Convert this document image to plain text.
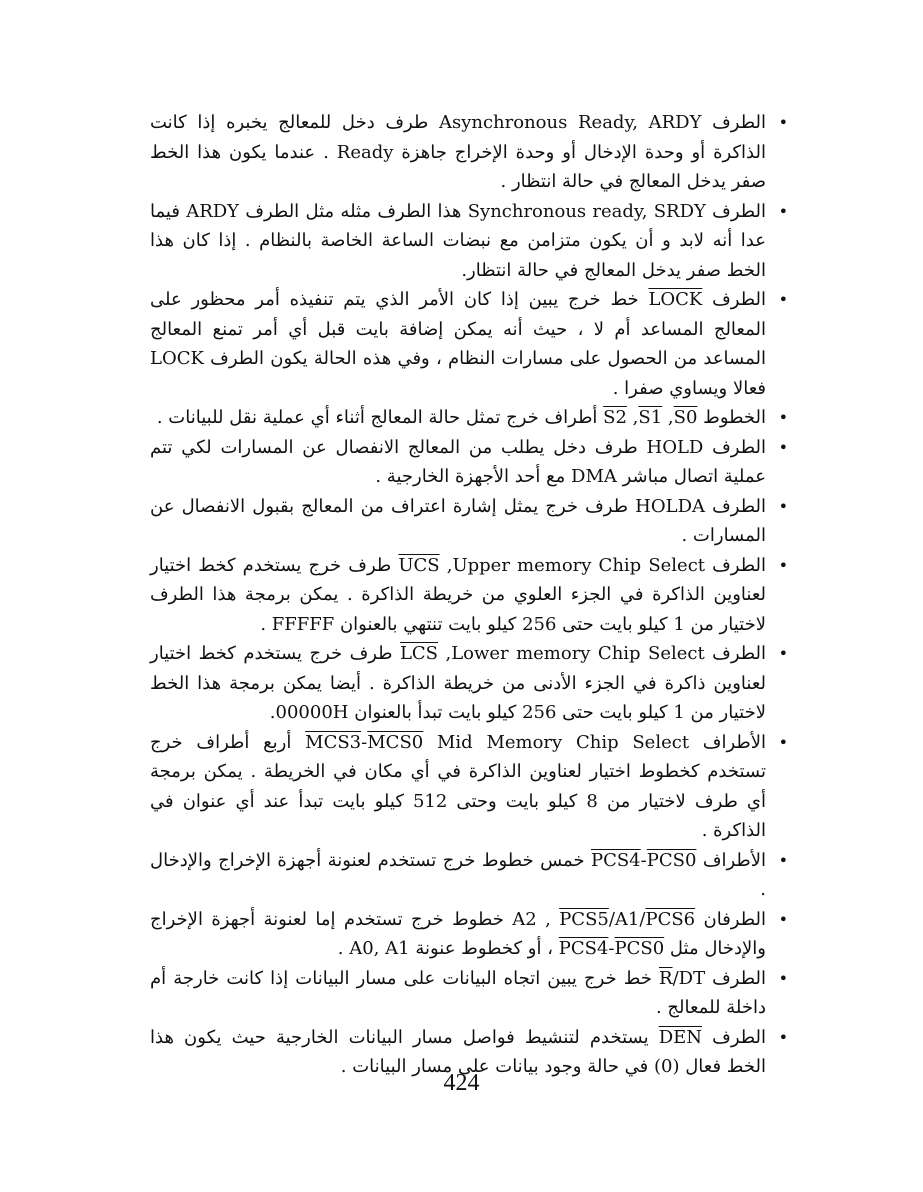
•
الطرف Asynchronous Ready, ARDY طرف دخل للمعالج يخبره إذا كانت الذاكرة أو وحدة الإدخال أو وحدة الإخراج جاهزة Ready . عندما يكون هذا الخط صفر يدخل المعالج في حالة انتظار .
•
الطرف Synchronous ready, SRDY هذا الطرف مثله مثل الطرف ARDY فيما عدا أنه لابد و أن يكون متزامن مع نبضات الساعة الخاصة بالنظام . إذا كان هذا الخط صفر يدخل المعالج في حالة انتظار.
•
الطرف LOCK خط خرج يبين إذا كان الأمر الذي يتم تنفيذه أمر محظور على المعالج المساعد أم لا ، حيث أنه يمكن إضافة بايت قبل أي أمر تمنع المعالج المساعد من الحصول على مسارات النظام ، وفي هذه الحالة يكون الطرف LOCK فعالا ويساوي صفرا .
•
الخطوط S0, S1, S2 أطراف خرج تمثل حالة المعالج أثناء أي عملية نقل للبيانات .
•
الطرف HOLD طرف دخل يطلب من المعالج الانفصال عن المسارات لكي تتم عملية اتصال مباشر DMA مع أحد الأجهزة الخارجية .
•
الطرف HOLDA طرف خرج يمثل إشارة اعتراف من المعالج بقبول الانفصال عن المسارات .
•
الطرف Upper memory Chip Select, $\overline{UCS}$ طرف خرج يستخدم كخط اختيار لعناوين الذاكرة في الجزء العلوي من خريطة الذاكرة . يمكن برمجة هذا الطرف لاختيار من 1 كيلو بايت حتى 256 كيلو بايت تنتهي بالعنوان FFFFF .
•
الطرف Lower memory Chip Select, $\overline{LCS}$ طرف خرج يستخدم كخط اختيار لعناوين ذاكرة في الجزء الأدنى من خريطة الذاكرة . أيضا يمكن برمجة هذا الخط لاختيار من 1 كيلو بايت حتى 256 كيلو بايت تبدأ بالعنوان 00000H.
•
الأطراف Mid Memory Chip Select MCS0-MCS3 أربع أطراف خرج تستخدم كخطوط اختيار لعناوين الذاكرة في أي مكان في الخريطة . يمكن برمجة أي طرف لاختيار من 8 كيلو بايت وحتى 512 كيلو بايت تبدأ عند أي عنوان في الذاكرة .
•
الأطراف PCS0-PCS4 خمس خطوط خرج تستخدم لعنونة أجهزة الإخراج والإدخال .
•
الطرفان PCS6/A2 , PCS5/A1 خطوط خرج تستخدم إما لعنونة أجهزة الإخراج والإدخال مثل PCS0-PCS4 ، أو كخطوط عنونة A0, A1 .
•
الطرف $DT/\overline{R}$ خط خرج يبين اتجاه البيانات على مسار البيانات إذا كانت خارجة أم داخلة للمعالج .
•
الطرف $\overline{DEN}$ يستخدم لتنشيط فواصل مسار البيانات الخارجية حيث يكون هذا الخط فعال (0) في حالة وجود بيانات على مسار البيانات .
424
